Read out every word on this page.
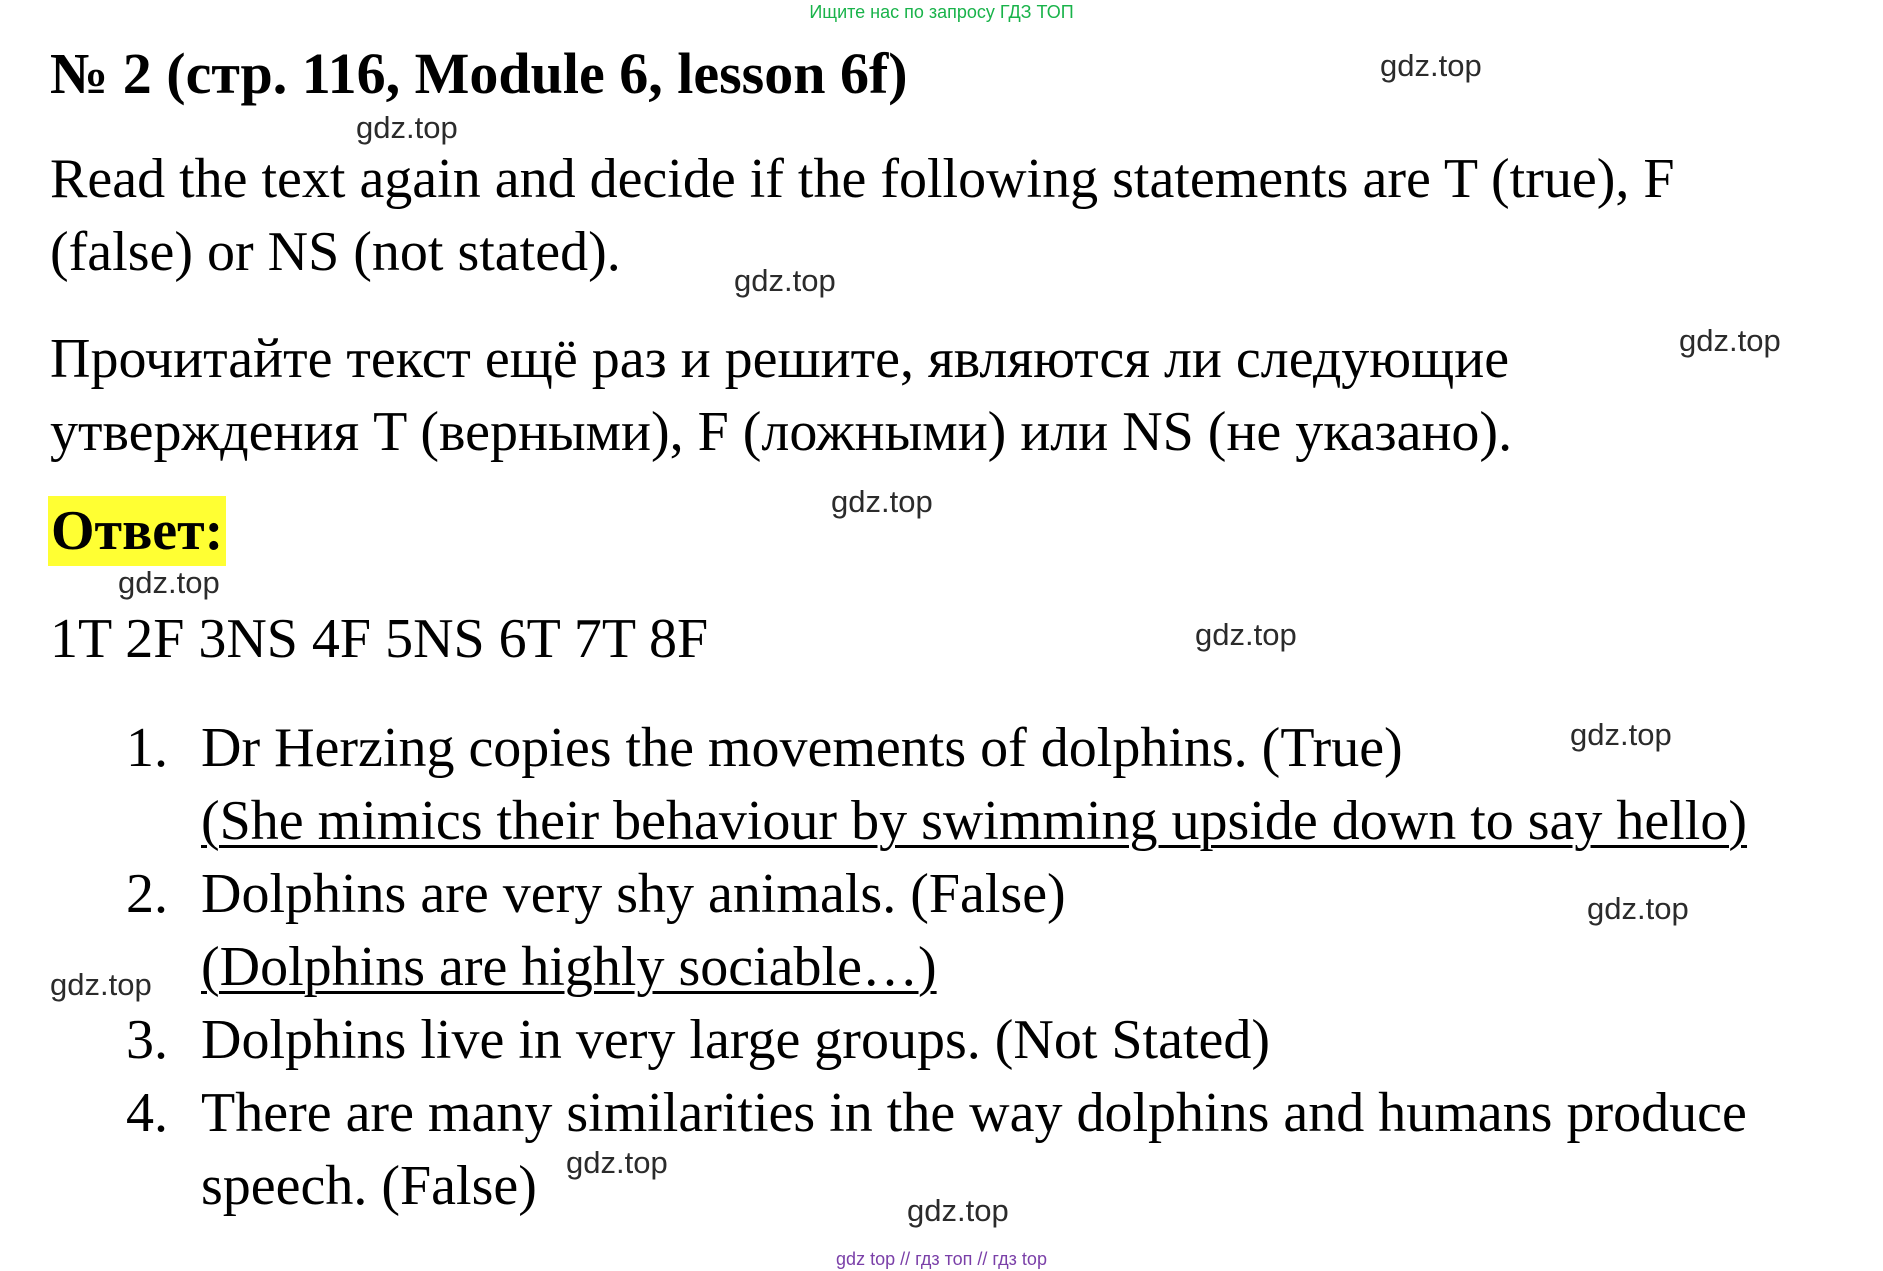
Ищите нас по запросу ГДЗ ТОП
№ 2 (стр. 116, Module 6, lesson 6f)
Read the text again and decide if the following statements are T (true), F
(false) or NS (not stated).
Прочитайте текст ещё раз и решите, являются ли следующие
утверждения T (верными), F (ложными) или NS (не указано).
Ответ:
1T 2F 3NS 4F 5NS 6T 7T 8F
1. Dr Herzing copies the movements of dolphins. (True)
(She mimics their behaviour by swimming upside down to say hello)
2. Dolphins are very shy animals. (False)
(Dolphins are highly sociable…)
3. Dolphins live in very large groups. (Not Stated)
4. There are many similarities in the way dolphins and humans produce
speech. (False)
gdz.top
gdz.top
gdz.top
gdz.top
gdz.top
gdz.top
gdz.top
gdz.top
gdz.top
gdz.top
gdz.top
gdz.top
gdz top // гдз топ // гдз top
